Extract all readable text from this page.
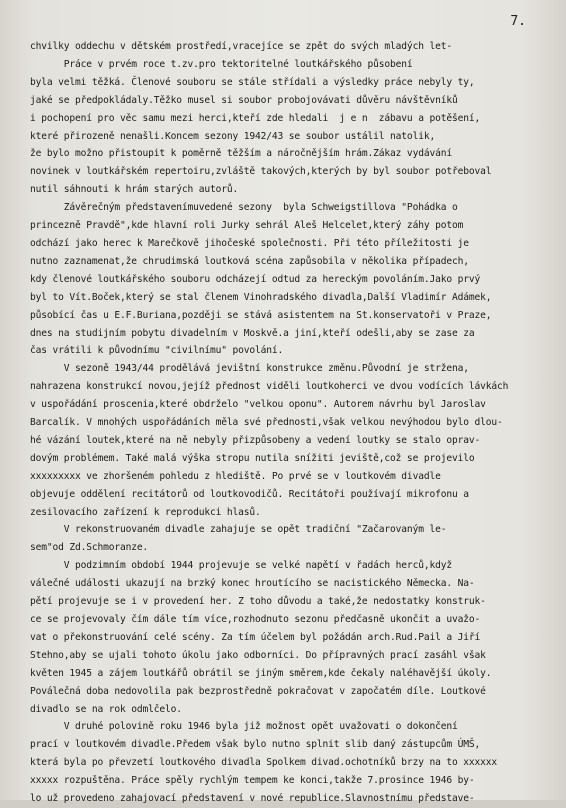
7.

chvilky oddechu v dětském prostředí,vracejíce se zpět do svých mladých let-

Práce v prvém roce t.zv.pro tektoritelné loutkářského působení

byla velmi těžká. Členové souboru se stále střídali a výsledky práce nebyly ty,

jaké se předpokládaly.Těžko musel si soubor probojovávati důvěru návštěvníků

i pochopení pro věc samu mezi herci,kteří zde hledali  j e n  zábavu a potěšení,

které přirozeně nenašli.Koncem sezony 1942/43 se soubor ustálil natolik,

že bylo možno přistoupit k poměrně těžším a náročnějším hrám.Zákaz vydávání

novinek v loutkářském repertoiru,zvláště takových,kterých by byl soubor potřeboval

nutil sáhnouti k hrám starých autorů.

Závěrečným představenímuvedené sezony  byla Schweigstillova "Pohádka o

princezně Pravdě",kde hlavní roli Jurky sehrál Aleš Helcelet,který záhy potom

odchází jako herec k Marečkově jihočeské společnosti. Při této příležitosti je

nutno zaznamenat,že chrudimská loutková scéna zapůsobila v několika případech,

kdy členové loutkářského souboru odcházejí odtud za hereckým povoláním.Jako prvý

byl to Vít.Boček,který se stal členem Vinohradského divadla,Další Vladimír Adámek,

působící čas u E.F.Buriana,později se stává asistentem na St.konservatoři v Praze,

dnes na studijním pobytu divadelním v Moskvě.a jiní,kteří odešli,aby se zase za

čas vrátili k původnímu "civilnímu" povolání.

V sezoně 1943/44 prodělává jevištní konstrukce změnu.Původní je stržena,

nahrazena konstrukcí novou,jejíž přednost viděli loutkoherci ve dvou vodících lávkách

v uspořádání proscenia,které obdrželo "velkou oponu". Autorem návrhu byl Jaroslav

Barcalík. V mnohých uspořádáních měla své přednosti,však velkou nevýhodou bylo dlou-

hé vázání loutek,které na ně nebyly přizpůsobeny a vedení loutky se stalo oprav-

dovým problémem. Také malá výška stropu nutila snížiti jeviště,což se projevilo

xxxxxxxxx ve zhoršeném pohledu z hlediště. Po prvé se v loutkovém divadle

objevuje oddělení recitátorů od loutkovodičů. Recitátoři používají mikrofonu a

zesilovacího zařízení k reprodukci hlasů.

V rekonstruovaném divadle zahajuje se opět tradiční "Začarovaným le-

sem"od Zd.Schmoranze.

V podzimním období 1944 projevuje se velké napětí v řadách herců,když

válečné události ukazují na brzký konec hroutícího se nacistického Německa. Na-

pětí projevuje se i v provedení her. Z toho důvodu a také,že nedostatky konstruk-

ce se projevovaly čím dále tím více,rozhodnuto sezonu předčasně ukončit a uvažo-

vat o překonstruování celé scény. Za tím účelem byl požádán arch.Rud.Pail a Jiří

Stehno,aby se ujali tohoto úkolu jako odborníci. Do přípravných prací zasáhl však

květen 1945 a zájem loutkářů obrátil se jiným směrem,kde čekaly naléhavější úkoly.

Poválečná doba nedovolila pak bezprostředně pokračovat v započatém díle. Loutkové

divadlo se na rok odmlčelo.

V druhé polovině roku 1946 byla již možnost opět uvažovati o dokončení

prací v loutkovém divadle.Předem však bylo nutno splnit slib daný zástupcům ÚMŠ,

která byla po převzetí loutkového divadla Spolkem divad.ochotníků brzy na to xxxxxx

xxxxx rozpuštěna. Práce spěly rychlým tempem ke konci,takže 7.prosince 1946 by-

lo už provedeno zahajovací představení v nové republice.Slavnostnímu představe-
